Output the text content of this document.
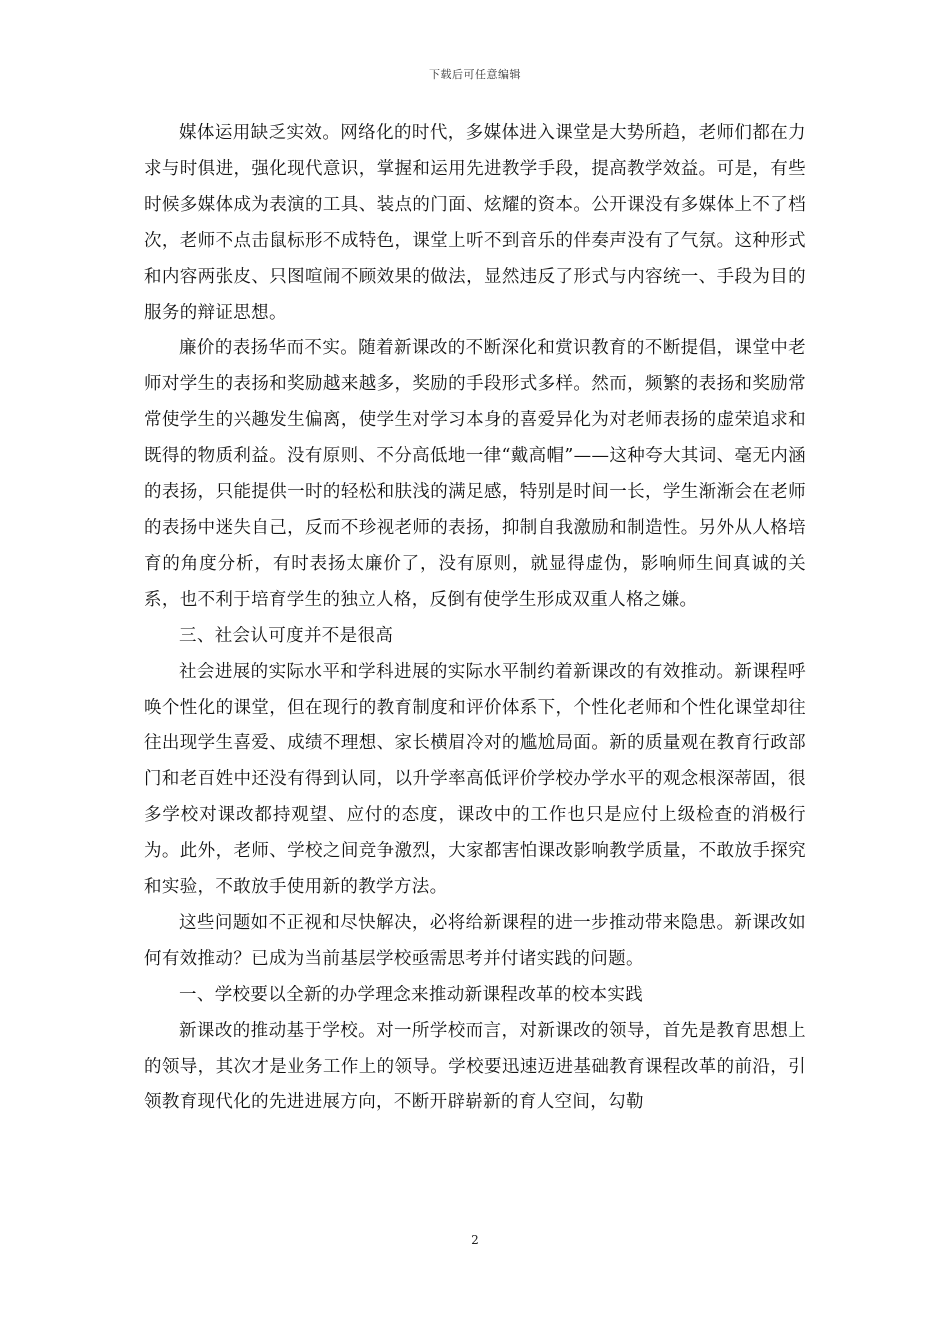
下载后可任意编辑

媒体运用缺乏实效。网络化的时代，多媒体进入课堂是大势所趋，老师们都在力求与时俱进，强化现代意识，掌握和运用先进教学手段，提高教学效益。可是，有些时候多媒体成为表演的工具、装点的门面、炫耀的资本。公开课没有多媒体上不了档次，老师不点击鼠标形不成特色，课堂上听不到音乐的伴奏声没有了气氛。这种形式和内容两张皮、只图喧闹不顾效果的做法，显然违反了形式与内容统一、手段为目的服务的辩证思想。

廉价的表扬华而不实。随着新课改的不断深化和赏识教育的不断提倡，课堂中老师对学生的表扬和奖励越来越多，奖励的手段形式多样。然而，频繁的表扬和奖励常常使学生的兴趣发生偏离，使学生对学习本身的喜爱异化为对老师表扬的虚荣追求和既得的物质利益。没有原则、不分高低地一律“戴高帽”——这种夸大其词、毫无内涵的表扬，只能提供一时的轻松和肤浅的满足感，特别是时间一长，学生渐渐会在老师的表扬中迷失自己，反而不珍视老师的表扬，抑制自我激励和制造性。另外从人格培育的角度分析，有时表扬太廉价了，没有原则，就显得虚伪，影响师生间真诚的关系，也不利于培育学生的独立人格，反倒有使学生形成双重人格之嫌。

三、社会认可度并不是很高

社会进展的实际水平和学科进展的实际水平制约着新课改的有效推动。新课程呼唤个性化的课堂，但在现行的教育制度和评价体系下，个性化老师和个性化课堂却往往出现学生喜爱、成绩不理想、家长横眉冷对的尴尬局面。新的质量观在教育行政部门和老百姓中还没有得到认同，以升学率高低评价学校办学水平的观念根深蒂固，很多学校对课改都持观望、应付的态度，课改中的工作也只是应付上级检查的消极行为。此外，老师、学校之间竞争激烈，大家都害怕课改影响教学质量，不敢放手探究和实验，不敢放手使用新的教学方法。

这些问题如不正视和尽快解决，必将给新课程的进一步推动带来隐患。新课改如何有效推动？已成为当前基层学校亟需思考并付诸实践的问题。

一、学校要以全新的办学理念来推动新课程改革的校本实践

新课改的推动基于学校。对一所学校而言，对新课改的领导，首先是教育思想上的领导，其次才是业务工作上的领导。学校要迅速迈进基础教育课程改革的前沿，引领教育现代化的先进进展方向，不断开辟崭新的育人空间，勾勒

2
